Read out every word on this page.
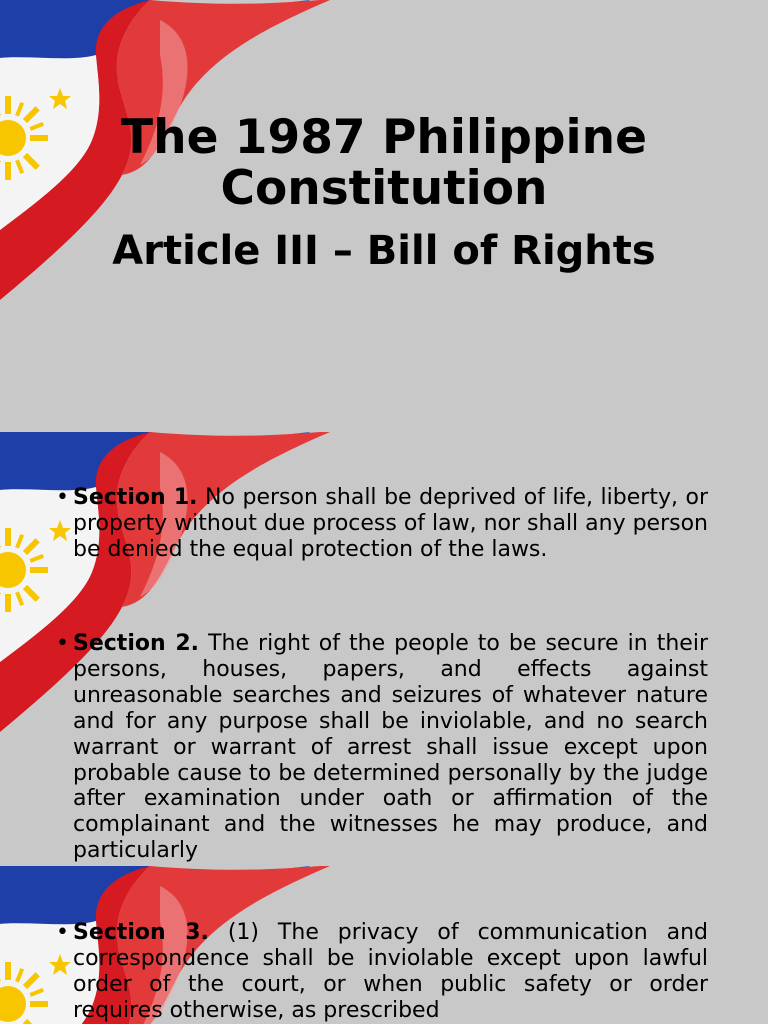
The 1987 Philippine Constitution
Article III – Bill of Rights
• Section 1. No person shall be deprived of life, liberty, or property without due process of law, nor shall any person be denied the equal protection of the laws.
• Section 2. The right of the people to be secure in their persons, houses, papers, and effects against unreasonable searches and seizures of whatever nature and for any purpose shall be inviolable, and no search warrant or warrant of arrest shall issue except upon probable cause to be determined personally by the judge after examination under oath or affirmation of the complainant and the witnesses he may produce, and particularly
• Section 3. (1) The privacy of communication and correspondence shall be inviolable except upon lawful order of the court, or when public safety or order requires otherwise, as prescribed
